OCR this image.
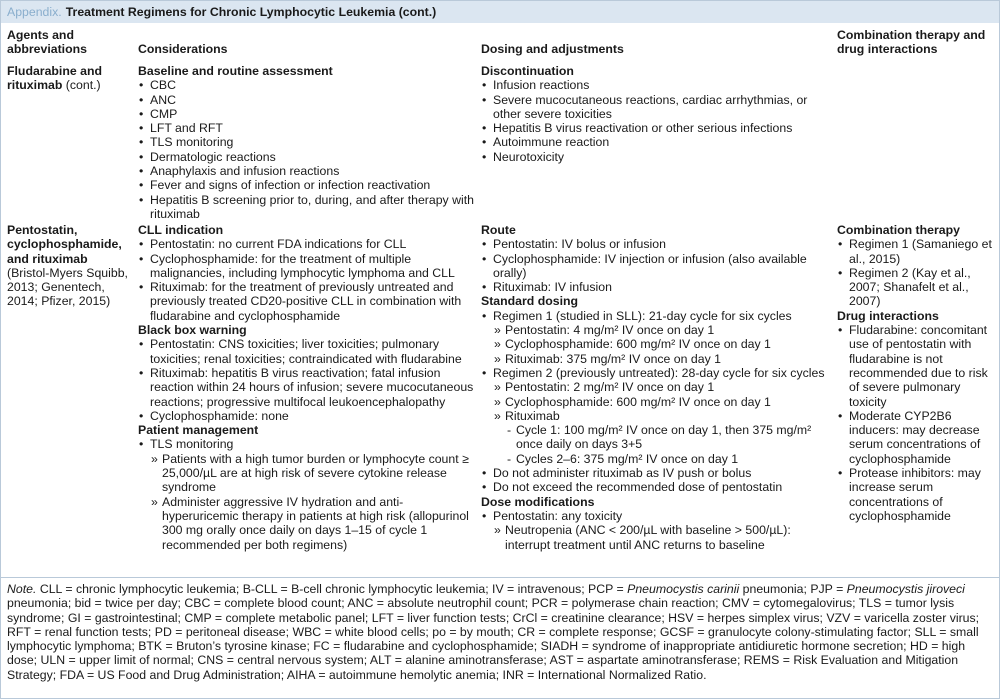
Appendix. Treatment Regimens for Chronic Lymphocytic Leukemia (cont.)
Agents and abbreviations	Considerations	Dosing and adjustments
Combination therapy and drug interactions
Fludarabine and rituximab (cont.)
Baseline and routine assessment
• CBC
• ANC
• CMP
• LFT and RFT
• TLS monitoring
• Dermatologic reactions
• Anaphylaxis and infusion reactions
• Fever and signs of infection or infection reactivation
• Hepatitis B screening prior to, during, and after therapy with rituximab
Discontinuation
• Infusion reactions
• Severe mucocutaneous reactions, cardiac arrhythmias, or other severe toxicities
• Hepatitis B virus reactivation or other serious infections
• Autoimmune reaction
• Neurotoxicity
Pentostatin, cyclophosphamide, and rituximab
(Bristol-Myers Squibb, 2013; Genentech, 2014; Pfizer, 2015)
CLL indication
• Pentostatin: no current FDA indications for CLL
• Cyclophosphamide: for the treatment of multiple malignancies, including lymphocytic lymphoma and CLL
• Rituximab: for the treatment of previously untreated and previously treated CD20-positive CLL in combination with fludarabine and cyclophosphamide
Black box warning
• Pentostatin: CNS toxicities; liver toxicities; pulmonary toxicities; renal toxicities; contraindicated with fludarabine
• Rituximab: hepatitis B virus reactivation; fatal infusion reaction within 24 hours of infusion; severe mucocutaneous reactions; progressive multifocal leukoencephalopathy
• Cyclophosphamide: none
Patient management
• TLS monitoring
» Patients with a high tumor burden or lymphocyte count ≥ 25,000/µL are at high risk of severe cytokine release syndrome
» Administer aggressive IV hydration and anti-hyperuricemic therapy in patients at high risk (allopurinol 300 mg orally once daily on days 1–15 of cycle 1 recommended per both regimens)
Route
• Pentostatin: IV bolus or infusion
• Cyclophosphamide: IV injection or infusion (also available orally)
• Rituximab: IV infusion
Standard dosing
• Regimen 1 (studied in SLL): 21-day cycle for six cycles
» Pentostatin: 4 mg/m² IV once on day 1
» Cyclophosphamide: 600 mg/m² IV once on day 1
» Rituximab: 375 mg/m² IV once on day 1
• Regimen 2 (previously untreated): 28-day cycle for six cycles
» Pentostatin: 2 mg/m² IV once on day 1
» Cyclophosphamide: 600 mg/m² IV once on day 1
» Rituximab
- Cycle 1: 100 mg/m² IV once on day 1, then 375 mg/m² once daily on days 3+5
- Cycles 2–6: 375 mg/m² IV once on day 1
• Do not administer rituximab as IV push or bolus
• Do not exceed the recommended dose of pentostatin
Dose modifications
• Pentostatin: any toxicity
» Neutropenia (ANC < 200/µL with baseline > 500/µL): interrupt treatment until ANC returns to baseline
Combination therapy
• Regimen 1 (Samaniego et al., 2015)
• Regimen 2 (Kay et al., 2007; Shanafelt et al., 2007)
Drug interactions
• Fludarabine: concomitant use of pentostatin with fludarabine is not recommended due to risk of severe pulmonary toxicity
• Moderate CYP2B6 inducers: may decrease serum concentrations of cyclophosphamide
• Protease inhibitors: may increase serum concentrations of cyclophosphamide
Note. CLL = chronic lymphocytic leukemia; B-CLL = B-cell chronic lymphocytic leukemia; IV = intravenous; PCP = Pneumocystis carinii pneumonia; PJP = Pneumocystis jiroveci pneumonia; bid = twice per day; CBC = complete blood count; ANC = absolute neutrophil count; PCR = polymerase chain reaction; CMV = cytomegalovirus; TLS = tumor lysis syndrome; GI = gastrointestinal; CMP = complete metabolic panel; LFT = liver function tests; CrCl = creatinine clearance; HSV = herpes simplex virus; VZV = varicella zoster virus; RFT = renal function tests; PD = peritoneal disease; WBC = white blood cells; po = by mouth; CR = complete response; GCSF = granulocyte colony-stimulating factor; SLL = small lymphocytic lymphoma; BTK = Bruton’s tyrosine kinase; FC = fludarabine and cyclophosphamide; SIADH = syndrome of inappropriate antidiuretic hormone secretion; HD = high dose; ULN = upper limit of normal; CNS = central nervous system; ALT = alanine aminotransferase; AST = aspartate aminotransferase; REMS = Risk Evaluation and Mitigation Strategy; FDA = US Food and Drug Administration; AIHA = autoimmune hemolytic anemia; INR = International Normalized Ratio.
